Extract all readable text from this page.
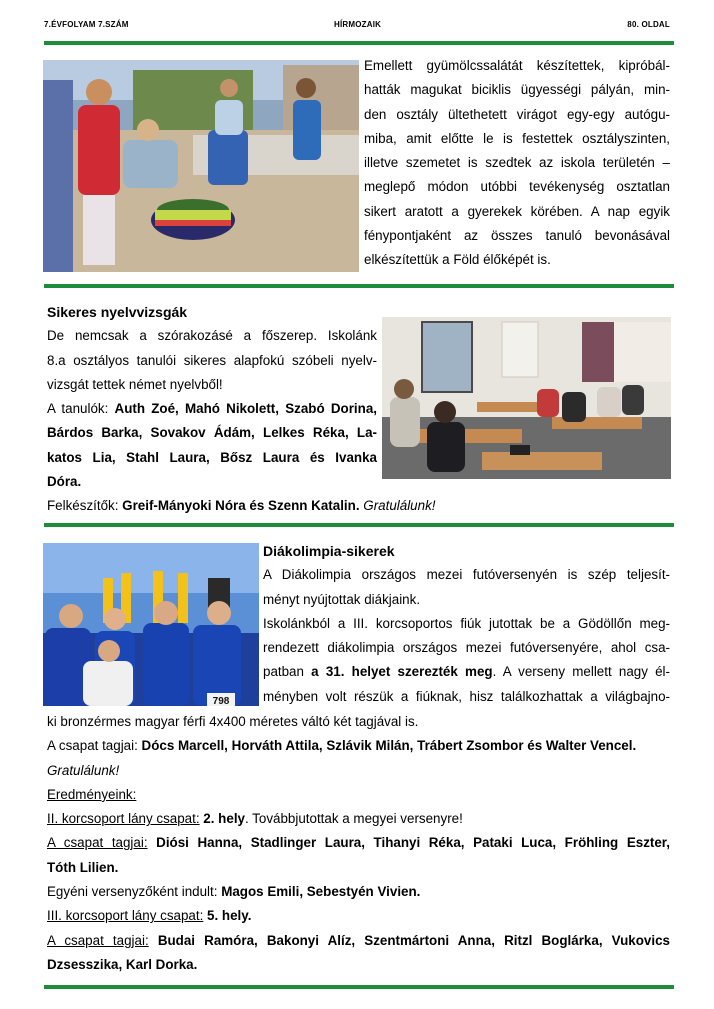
7.ÉVFOLYAM 7.SZÁM	HÍRMOZAIK	80. OLDAL

Emellett gyümölcssalátát készítettek, kipróbál-

hatták magukat biciklis ügyességi pályán, min-

den osztály ültethetett virágot egy-egy autógu-

miba, amit előtte le is festettek osztályszinten,

illetve szemetet is szedtek az iskola területén –

meglepő módon utóbbi tevékenység osztatlan

sikert aratott a gyerekek körében. A nap egyik

fénypontjaként az összes tanuló bevonásával

elkészítettük a Föld élőképét is.

Sikeres nyelvvizsgák

De nemcsak a szórakozásé a főszerep. Iskolánk

8.a osztályos tanulói sikeres alapfokú szóbeli nyelv-

vizsgát tettek német nyelvből!

A tanulók: Auth Zoé, Mahó Nikolett, Szabó Dorina,

Bárdos Barka, Sovakov Ádám, Lelkes Réka, La-

katos Lia, Stahl Laura, Bősz Laura és Ivanka

Dóra.

Felkészítők: Greif-Mányoki Nóra és Szenn Katalin. Gratulálunk!
798

Diákolimpia-sikerek

A Diákolimpia országos mezei futóversenyén is szép teljesít-

ményt nyújtottak diákjaink.

Iskolánkból a III. korcsoportos fiúk jutottak be a Gödöllőn meg-

rendezett diákolimpia országos mezei futóversenyére, ahol csa-

patban a 31. helyet szerezték meg. A verseny mellett nagy él-

ményben volt részük a fiúknak, hisz találkozhattak a világbajno-

ki bronzérmes magyar férfi 4x400 méretes váltó két tagjával is.

A csapat tagjai: Dócs Marcell, Horváth Attila, Szlávik Milán, Trábert Zsombor és Walter Vencel.

Gratulálunk!

Eredményeink:

II. korcsoport lány csapat: 2. hely. Továbbjutottak a megyei versenyre!

A csapat tagjai: Diósi Hanna, Stadlinger Laura, Tihanyi Réka, Pataki Luca, Fröhling Eszter,

Tóth Lilien.

Egyéni versenyzőként indult: Magos Emili, Sebestyén Vivien.

III. korcsoport lány csapat: 5. hely.

A csapat tagjai: Budai Ramóra, Bakonyi Alíz, Szentmártoni Anna, Ritzl Boglárka, Vukovics

Dzsesszika, Karl Dorka.
